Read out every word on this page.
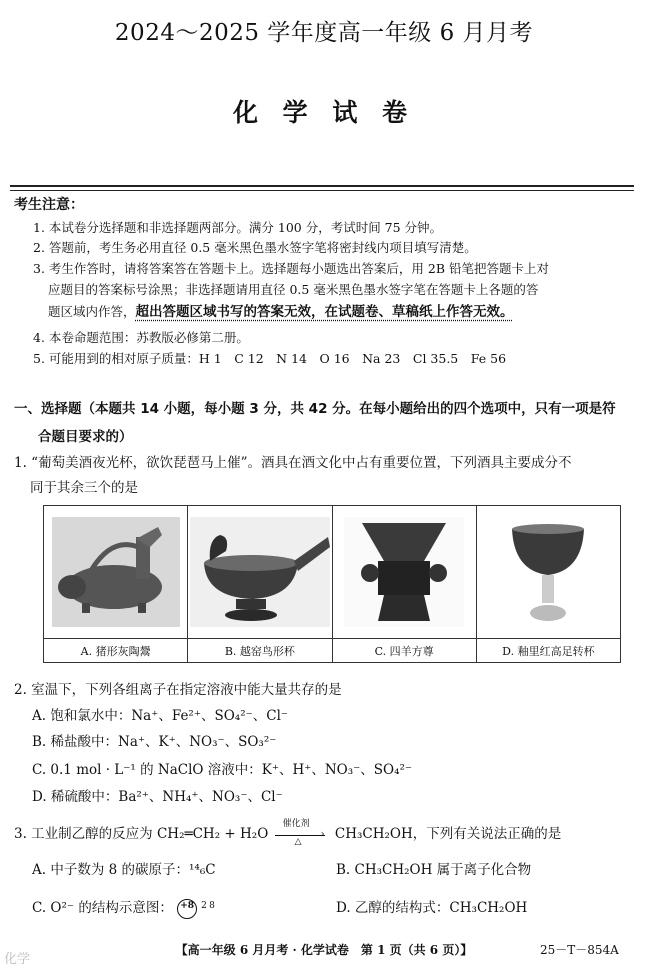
2024～2025 学年度高一年级 6 月月考
化 学 试 卷
考生注意：
1. 本试卷分选择题和非选择题两部分。满分 100 分，考试时间 75 分钟。
2. 答题前，考生务必用直径 0.5 毫米黑色墨水签字笔将密封线内项目填写清楚。
3. 考生作答时，请将答案答在答题卡上。选择题每小题选出答案后，用 2B 铅笔把答题卡上对
应题目的答案标号涂黑；非选择题请用直径 0.5 毫米黑色墨水签字笔在答题卡上各题的答
题区域内作答，超出答题区域书写的答案无效，在试题卷、草稿纸上作答无效。
4. 本卷命题范围：苏教版必修第二册。
5. 可能用到的相对原子质量：H 1　C 12　N 14　O 16　Na 23　Cl 35.5　Fe 56
一、选择题（本题共 14 小题，每小题 3 分，共 42 分。在每小题给出的四个选项中，只有一项是符
合题目要求的）
1. “葡萄美酒夜光杯，欲饮琵琶马上催”。酒具在酒文化中占有重要位置，下列酒具主要成分不
同于其余三个的是
A. 猪形灰陶鬶	B. 越窑鸟形杯	C. 四羊方尊	D. 釉里红高足转杯
2. 室温下，下列各组离子在指定溶液中能大量共存的是
A. 饱和氯水中：Na⁺、Fe²⁺、SO₄²⁻、Cl⁻
B. 稀盐酸中：Na⁺、K⁺、NO₃⁻、SO₃²⁻
C. 0.1 mol · L⁻¹ 的 NaClO 溶液中：K⁺、H⁺、NO₃⁻、SO₄²⁻
D. 稀硫酸中：Ba²⁺、NH₄⁺、NO₃⁻、Cl⁻
3. 工业制乙醇的反应为 CH₂═CH₂ + H₂O
催化剂
›
△ CH₃CH₂OH，下列有关说法正确的是
A. 中子数为 8 的碳原子：¹⁴₆C	B. CH₃CH₂OH 属于离子化合物
C. O²⁻ 的结构示意图： +8 2 8	D. 乙醇的结构式：CH₃CH₂OH
【高一年级 6 月月考 · 化学试卷　第 1 页（共 6 页）】	25－T－854A
化学
